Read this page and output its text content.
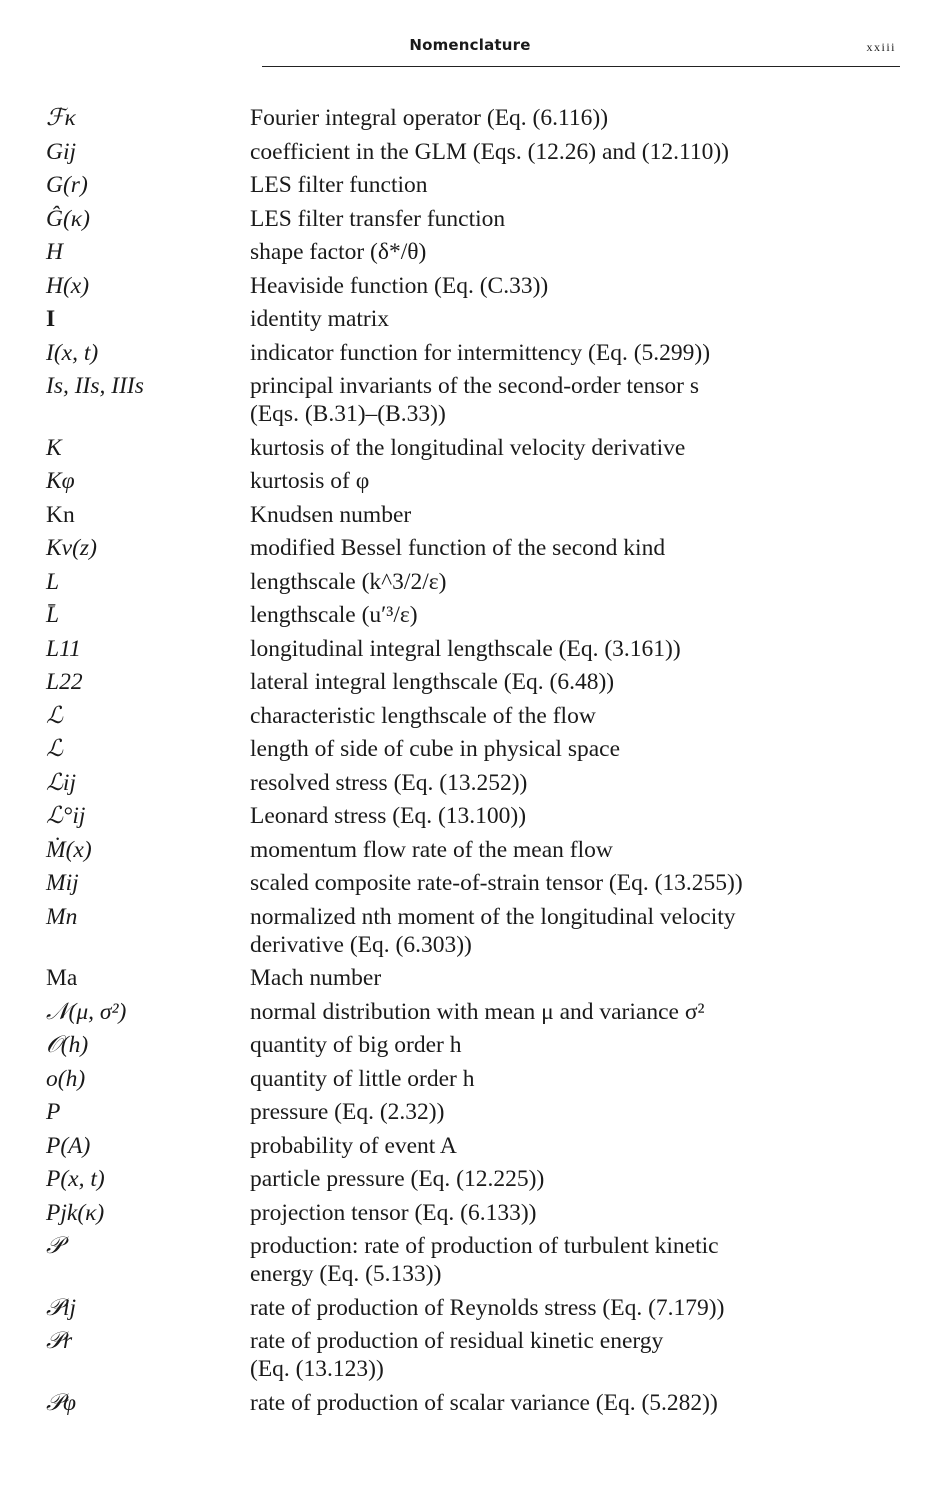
Nomenclature	xxiii
ℱκ	Fourier integral operator (Eq. (6.116))
Gij	coefficient in the GLM (Eqs. (12.26) and (12.110))
G(r)	LES filter function
Ĝ(κ)	LES filter transfer function
H	shape factor (δ*/θ)
H(x)	Heaviside function (Eq. (C.33))
I	identity matrix
I(x, t)	indicator function for intermittency (Eq. (5.299))
Is, IIs, IIIs	principal invariants of the second-order tensor s
(Eqs. (B.31)–(B.33))
K	kurtosis of the longitudinal velocity derivative
Kφ	kurtosis of φ
Kn	Knudsen number
Kν(z)	modified Bessel function of the second kind
L	lengthscale (k^3/2/ε)
L̄	lengthscale (u′³/ε)
L11	longitudinal integral lengthscale (Eq. (3.161))
L22	lateral integral lengthscale (Eq. (6.48))
ℒ	characteristic lengthscale of the flow
ℒ	length of side of cube in physical space
ℒij	resolved stress (Eq. (13.252))
ℒ°ij	Leonard stress (Eq. (13.100))
Ṁ(x)	momentum flow rate of the mean flow
Mij	scaled composite rate-of-strain tensor (Eq. (13.255))
Mn	normalized nth moment of the longitudinal velocity
derivative (Eq. (6.303))
Ma	Mach number
𝒩(μ, σ²)	normal distribution with mean μ and variance σ²
𝒪(h)	quantity of big order h
o(h)	quantity of little order h
P	pressure (Eq. (2.32))
P(A)	probability of event A
P(x, t)	particle pressure (Eq. (12.225))
Pjk(κ)	projection tensor (Eq. (6.133))
𝒫	production: rate of production of turbulent kinetic
energy (Eq. (5.133))
𝒫ij	rate of production of Reynolds stress (Eq. (7.179))
𝒫r	rate of production of residual kinetic energy
(Eq. (13.123))
𝒫φ	rate of production of scalar variance (Eq. (5.282))
